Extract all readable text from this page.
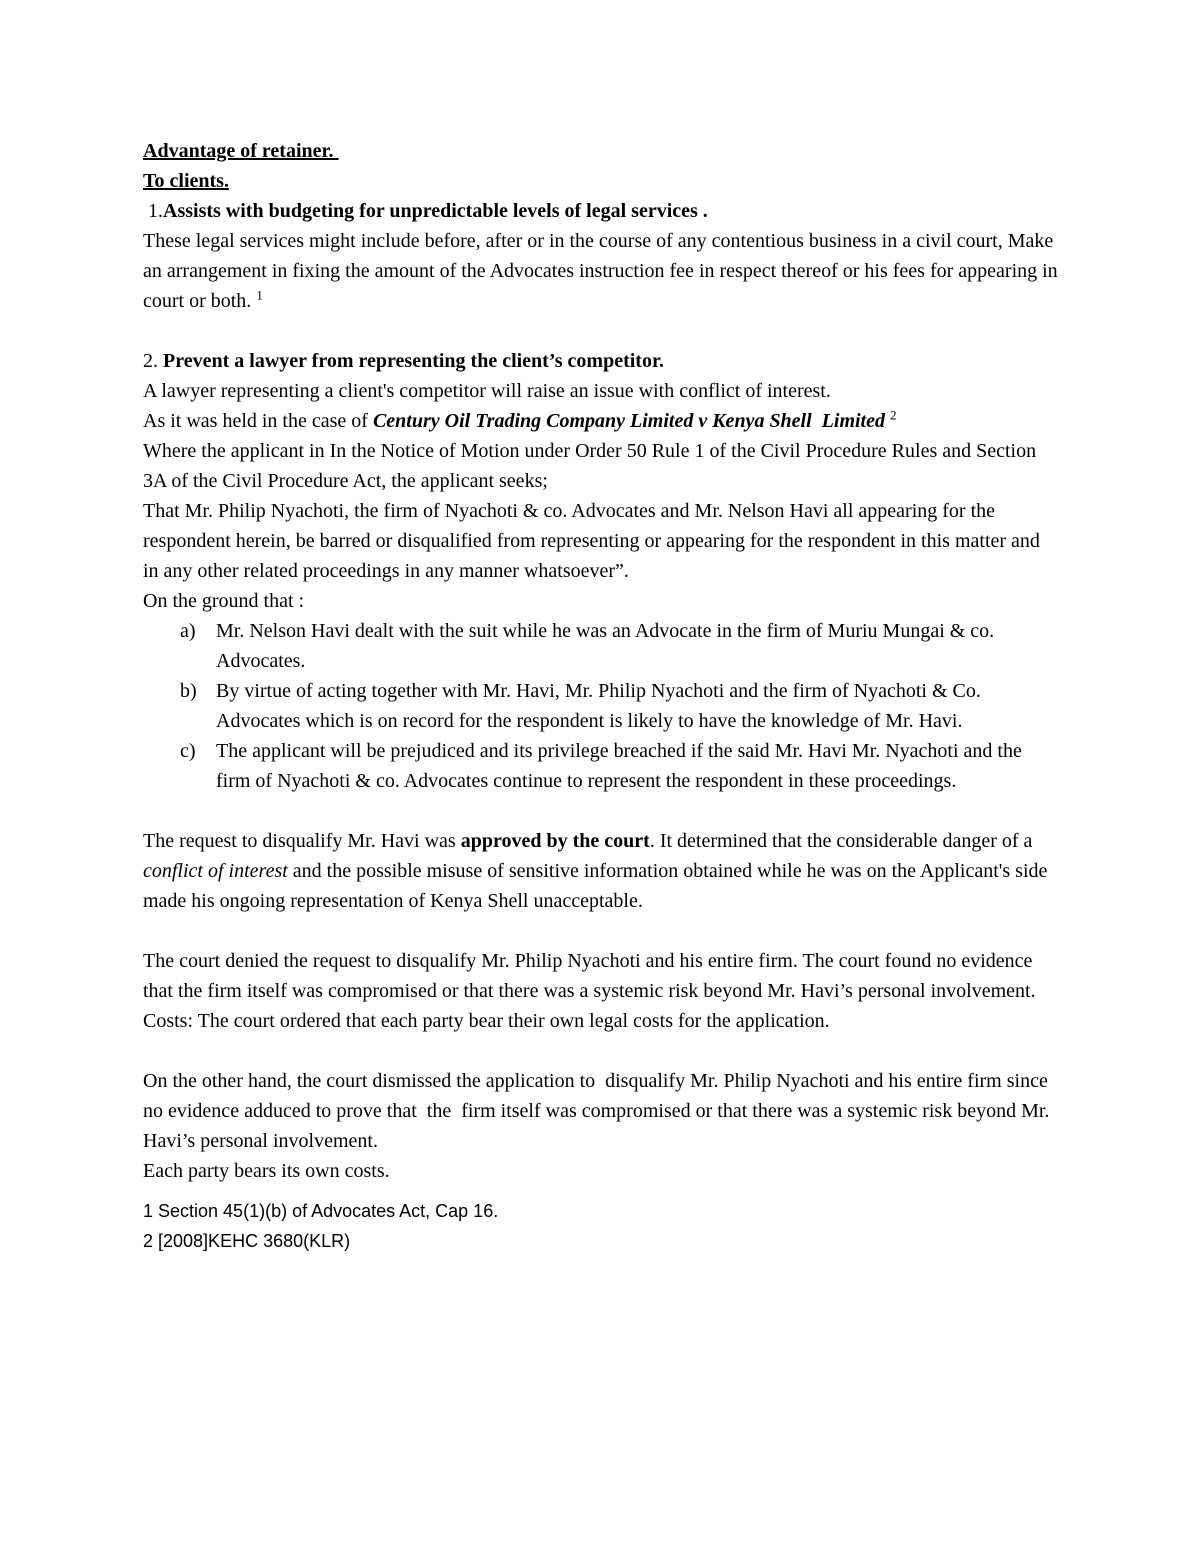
Advantage of retainer.

To clients.

1.Assists with budgeting for unpredictable levels of legal services .

These legal services might include before, after or in the course of any contentious business in a civil court, Make an arrangement in fixing the amount of the Advocates instruction fee in respect thereof or his fees for appearing in court or both. $^1$

2. Prevent a lawyer from representing the client’s competitor.

A lawyer representing a client's competitor will raise an issue with conflict of interest.

As it was held in the case of Century Oil Trading Company Limited v Kenya Shell  Limited $^2$

Where the applicant in In the Notice of Motion under Order 50 Rule 1 of the Civil Procedure Rules and Section 3A of the Civil Procedure Act, the applicant seeks;

That Mr. Philip Nyachoti, the firm of Nyachoti & co. Advocates and Mr. Nelson Havi all appearing for the respondent herein, be barred or disqualified from representing or appearing for the respondent in this matter and in any other related proceedings in any manner whatsoever”.

On the ground that :

a)	Mr. Nelson Havi dealt with the suit while he was an Advocate in the firm of Muriu Mungai & co. Advocates.
b) By virtue of acting together with Mr. Havi, Mr. Philip Nyachoti and the firm of Nyachoti & Co. Advocates which is on record for the respondent is likely to have the knowledge of Mr. Havi.
c)	The applicant will be prejudiced and its privilege breached if the said Mr. Havi Mr. Nyachoti and the firm of Nyachoti & co. Advocates continue to represent the respondent in these proceedings.

The request to disqualify Mr. Havi was approved by the court. It determined that the considerable danger of a conflict of interest and the possible misuse of sensitive information obtained while he was on the Applicant's side made his ongoing representation of Kenya Shell unacceptable.

The court denied the request to disqualify Mr. Philip Nyachoti and his entire firm. The court found no evidence that the firm itself was compromised or that there was a systemic risk beyond Mr. Havi’s personal involvement.

Costs: The court ordered that each party bear their own legal costs for the application.

On the other hand, the court dismissed the application to  disqualify Mr. Philip Nyachoti and his entire firm since no evidence adduced to prove that  the  firm itself was compromised or that there was a systemic risk beyond Mr. Havi’s personal involvement.

Each party bears its own costs.

1 Section 45(1)(b) of Advocates Act, Cap 16.
2 [2008]KEHC 3680(KLR)
